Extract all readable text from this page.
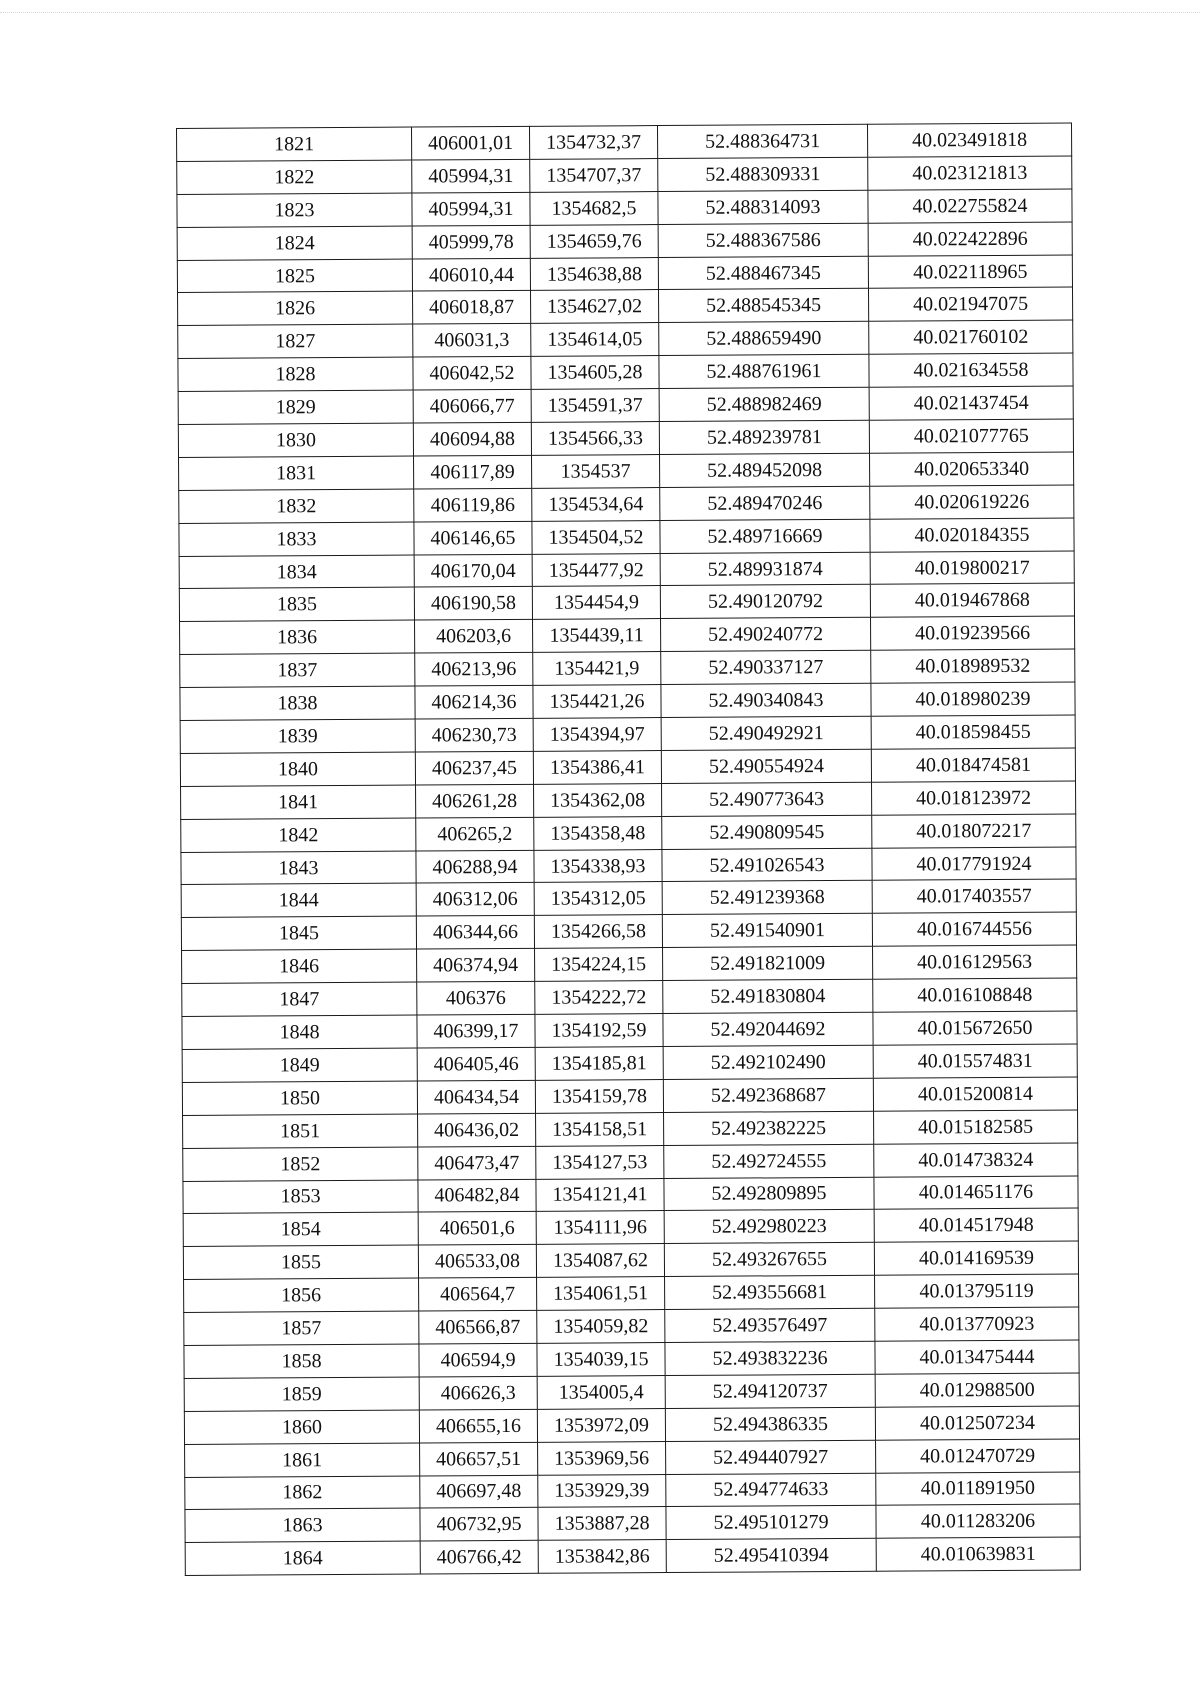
1821	406001,01	1354732,37	52.488364731	40.023491818
1822	405994,31	1354707,37	52.488309331	40.023121813
1823	405994,31	1354682,5	52.488314093	40.022755824
1824	405999,78	1354659,76	52.488367586	40.022422896
1825	406010,44	1354638,88	52.488467345	40.022118965
1826	406018,87	1354627,02	52.488545345	40.021947075
1827	406031,3	1354614,05	52.488659490	40.021760102
1828	406042,52	1354605,28	52.488761961	40.021634558
1829	406066,77	1354591,37	52.488982469	40.021437454
1830	406094,88	1354566,33	52.489239781	40.021077765
1831	406117,89	1354537	52.489452098	40.020653340
1832	406119,86	1354534,64	52.489470246	40.020619226
1833	406146,65	1354504,52	52.489716669	40.020184355
1834	406170,04	1354477,92	52.489931874	40.019800217
1835	406190,58	1354454,9	52.490120792	40.019467868
1836	406203,6	1354439,11	52.490240772	40.019239566
1837	406213,96	1354421,9	52.490337127	40.018989532
1838	406214,36	1354421,26	52.490340843	40.018980239
1839	406230,73	1354394,97	52.490492921	40.018598455
1840	406237,45	1354386,41	52.490554924	40.018474581
1841	406261,28	1354362,08	52.490773643	40.018123972
1842	406265,2	1354358,48	52.490809545	40.018072217
1843	406288,94	1354338,93	52.491026543	40.017791924
1844	406312,06	1354312,05	52.491239368	40.017403557
1845	406344,66	1354266,58	52.491540901	40.016744556
1846	406374,94	1354224,15	52.491821009	40.016129563
1847	406376	1354222,72	52.491830804	40.016108848
1848	406399,17	1354192,59	52.492044692	40.015672650
1849	406405,46	1354185,81	52.492102490	40.015574831
1850	406434,54	1354159,78	52.492368687	40.015200814
1851	406436,02	1354158,51	52.492382225	40.015182585
1852	406473,47	1354127,53	52.492724555	40.014738324
1853	406482,84	1354121,41	52.492809895	40.014651176
1854	406501,6	1354111,96	52.492980223	40.014517948
1855	406533,08	1354087,62	52.493267655	40.014169539
1856	406564,7	1354061,51	52.493556681	40.013795119
1857	406566,87	1354059,82	52.493576497	40.013770923
1858	406594,9	1354039,15	52.493832236	40.013475444
1859	406626,3	1354005,4	52.494120737	40.012988500
1860	406655,16	1353972,09	52.494386335	40.012507234
1861	406657,51	1353969,56	52.494407927	40.012470729
1862	406697,48	1353929,39	52.494774633	40.011891950
1863	406732,95	1353887,28	52.495101279	40.011283206
1864	406766,42	1353842,86	52.495410394	40.010639831
